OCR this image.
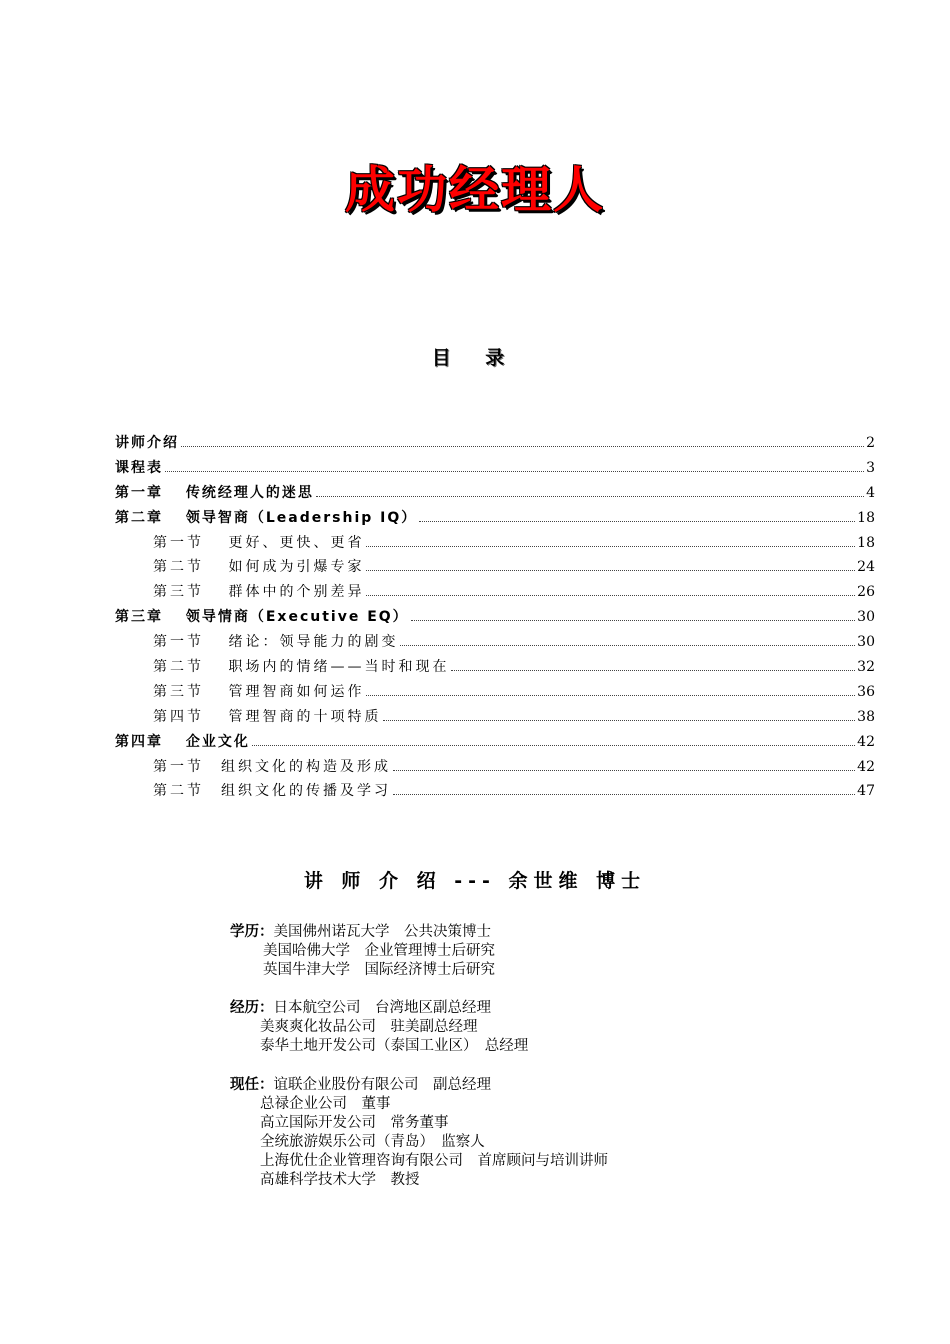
成功经理人
目 录
讲师介绍	2
课程表	3
第一章　 传统经理人的迷思	4
第二章　 领导智商（Leadership IQ）	18
第一节　 更好、更快、更省	18
第二节　 如何成为引爆专家	24
第三节　 群体中的个别差异	26
第三章　 领导情商（Executive EQ）	30
第一节　 绪论：领导能力的剧变	30
第二节　 职场内的情绪——当时和现在	32
第三节　 管理智商如何运作	36
第四节　 管理智商的十项特质	38
第四章　 企业文化	42
第一节　组织文化的构造及形成	42
第二节　组织文化的传播及学习	47
讲 师 介 绍 --- 余世维 博士
学历：美国佛州诺瓦大学　公共决策博士
美国哈佛大学　企业管理博士后研究
英国牛津大学　国际经济博士后研究
经历：日本航空公司　台湾地区副总经理
美爽爽化妆品公司　驻美副总经理
泰华土地开发公司（泰国工业区）　总经理
现任：谊联企业股份有限公司　副总经理
总禄企业公司　董事
高立国际开发公司　常务董事
全统旅游娱乐公司（青岛）　监察人
上海优仕企业管理咨询有限公司　首席顾问与培训讲师
高雄科学技术大学　教授
